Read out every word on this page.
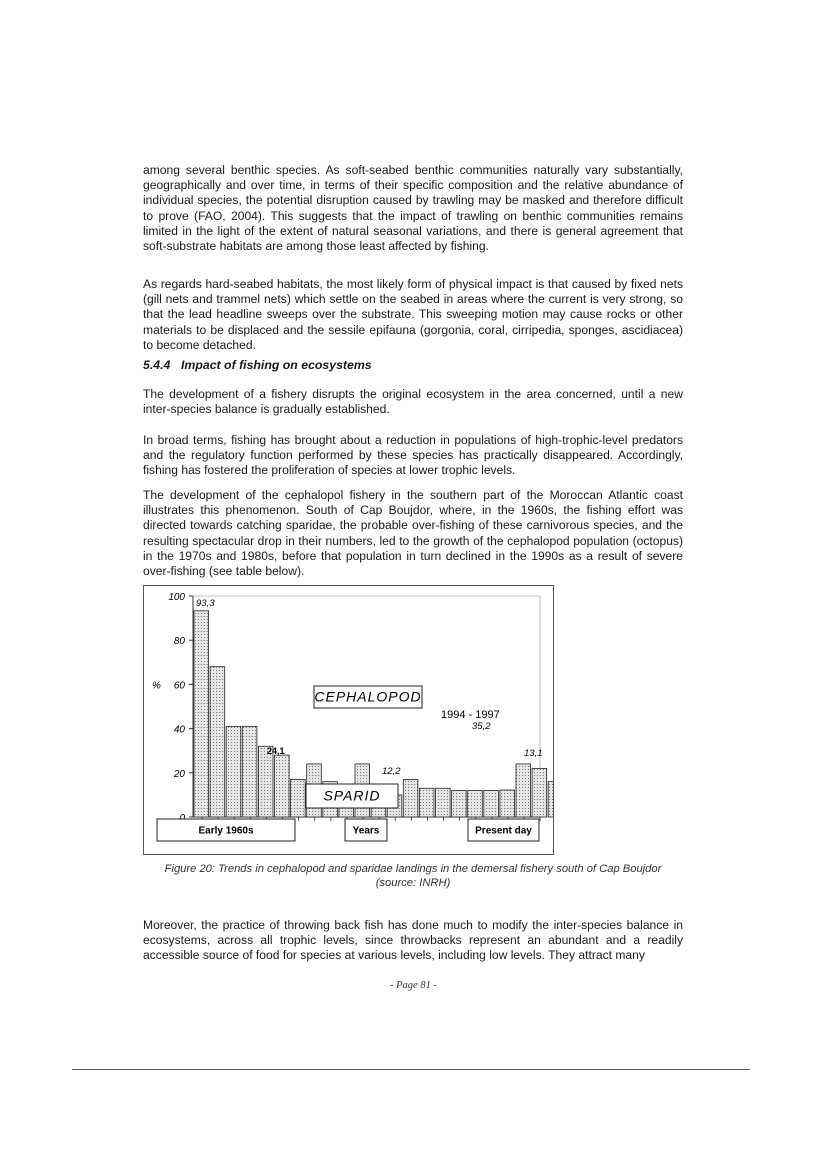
among several benthic species. As soft-seabed benthic communities naturally vary substantially, geographically and over time, in terms of their specific composition and the relative abundance of individual species, the potential disruption caused by trawling may be masked and therefore difficult to prove (FAO, 2004). This suggests that the impact of trawling on benthic communities remains limited in the light of the extent of natural seasonal variations, and there is general agreement that soft-substrate habitats are among those least affected by fishing.

As regards hard-seabed habitats, the most likely form of physical impact is that caused by fixed nets (gill nets and trammel nets) which settle on the seabed in areas where the current is very strong, so that the lead headline sweeps over the substrate. This sweeping motion may cause rocks or other materials to be displaced and the sessile epifauna (gorgonia, coral, cirripedia, sponges, ascidiacea) to become detached.

5.4.4 Impact of fishing on ecosystems

The development of a fishery disrupts the original ecosystem in the area concerned, until a new inter-species balance is gradually established.

In broad terms, fishing has brought about a reduction in populations of high-trophic-level predators and the regulatory function performed by these species has practically disappeared. Accordingly, fishing has fostered the proliferation of species at lower trophic levels.

The development of the cephalopol fishery in the southern part of the Moroccan Atlantic coast illustrates this phenomenon. South of Cap Boujdor, where, in the 1960s, the fishing effort was directed towards catching sparidae, the probable over-fishing of these carnivorous species, and the resulting spectacular drop in their numbers, led to the growth of the cephalopod population (octopus) in the 1970s and 1980s, before that population in turn declined in the 1990s as a result of severe over-fishing (see table below).

20
40
60
80
100
%
CEPHALOPOD
SPARID
Early 1960s	Years	Present day
93,3
24,1
12,2
1994 - 1997
35,2
13,1
Figure 20: Trends in cephalopod and sparidae landings in the demersal fishery south of Cap Boujdor
(source: INRH)

Moreover, the practice of throwing back fish has done much to modify the inter-species balance in ecosystems, across all trophic levels, since throwbacks represent an abundant and a readily accessible source of food for species at various levels, including low levels. They attract many

- Page 81 -
